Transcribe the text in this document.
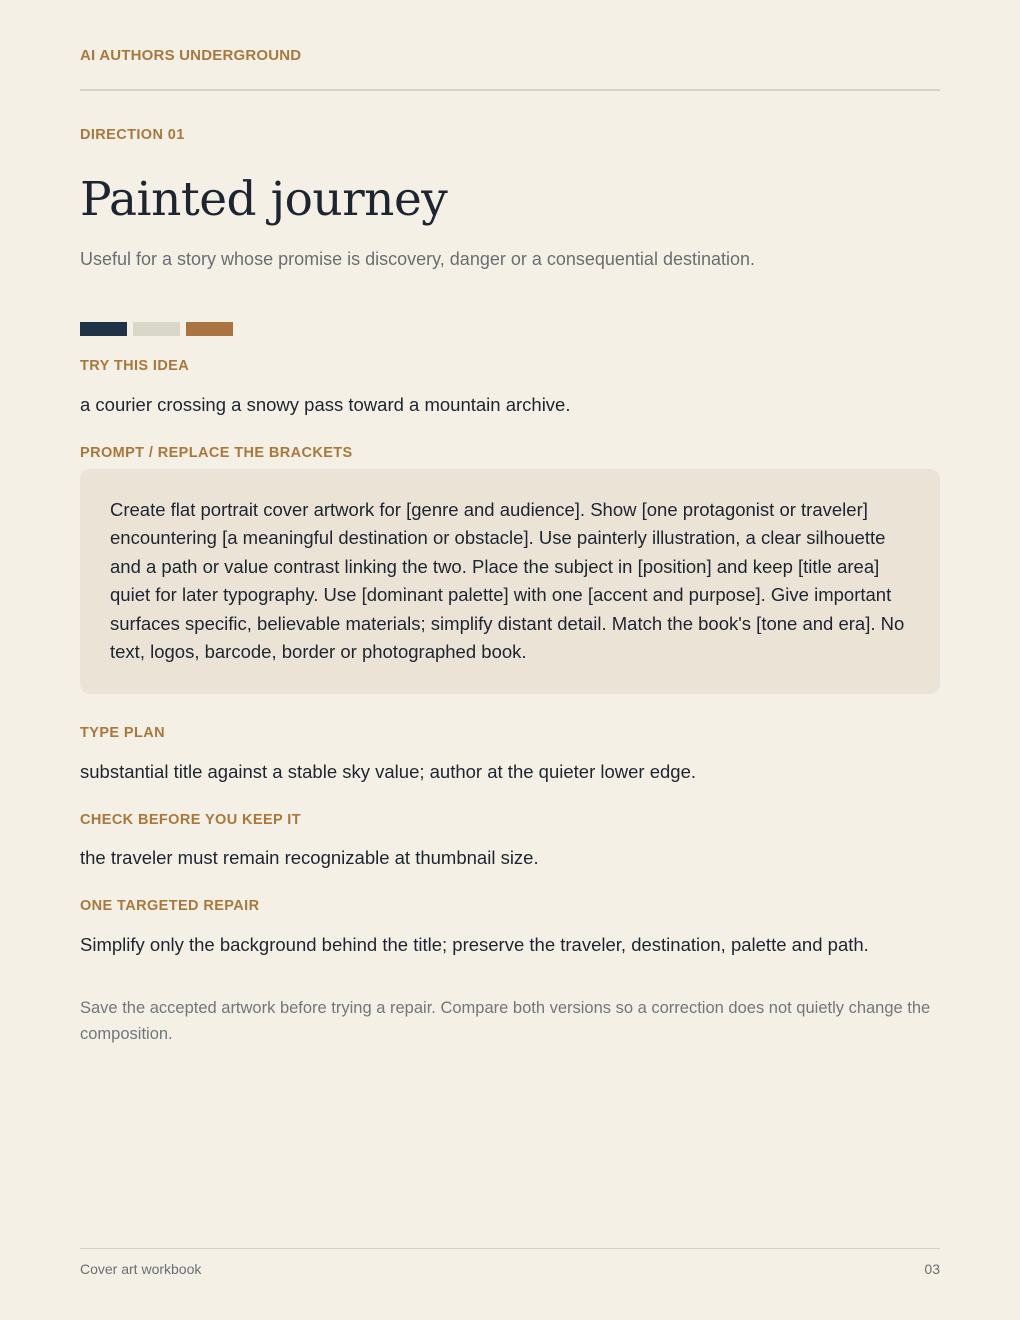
AI AUTHORS UNDERGROUND
DIRECTION 01
Painted journey
Useful for a story whose promise is discovery, danger or a consequential destination.
TRY THIS IDEA
a courier crossing a snowy pass toward a mountain archive.
PROMPT / REPLACE THE BRACKETS

Create flat portrait cover artwork for [genre and audience]. Show [one protagonist or traveler] encountering [a meaningful destination or obstacle]. Use painterly illustration, a clear silhouette and a path or value contrast linking the two. Place the subject in [position] and keep [title area] quiet for later typography. Use [dominant palette] with one [accent and purpose]. Give important surfaces specific, believable materials; simplify distant detail. Match the book's [tone and era]. No text, logos, barcode, border or photographed book.

TYPE PLAN
substantial title against a stable sky value; author at the quieter lower edge.
CHECK BEFORE YOU KEEP IT
the traveler must remain recognizable at thumbnail size.
ONE TARGETED REPAIR
Simplify only the background behind the title; preserve the traveler, destination, palette and path.
Save the accepted artwork before trying a repair. Compare both versions so a correction does not quietly change the composition.
Cover art workbook	03
